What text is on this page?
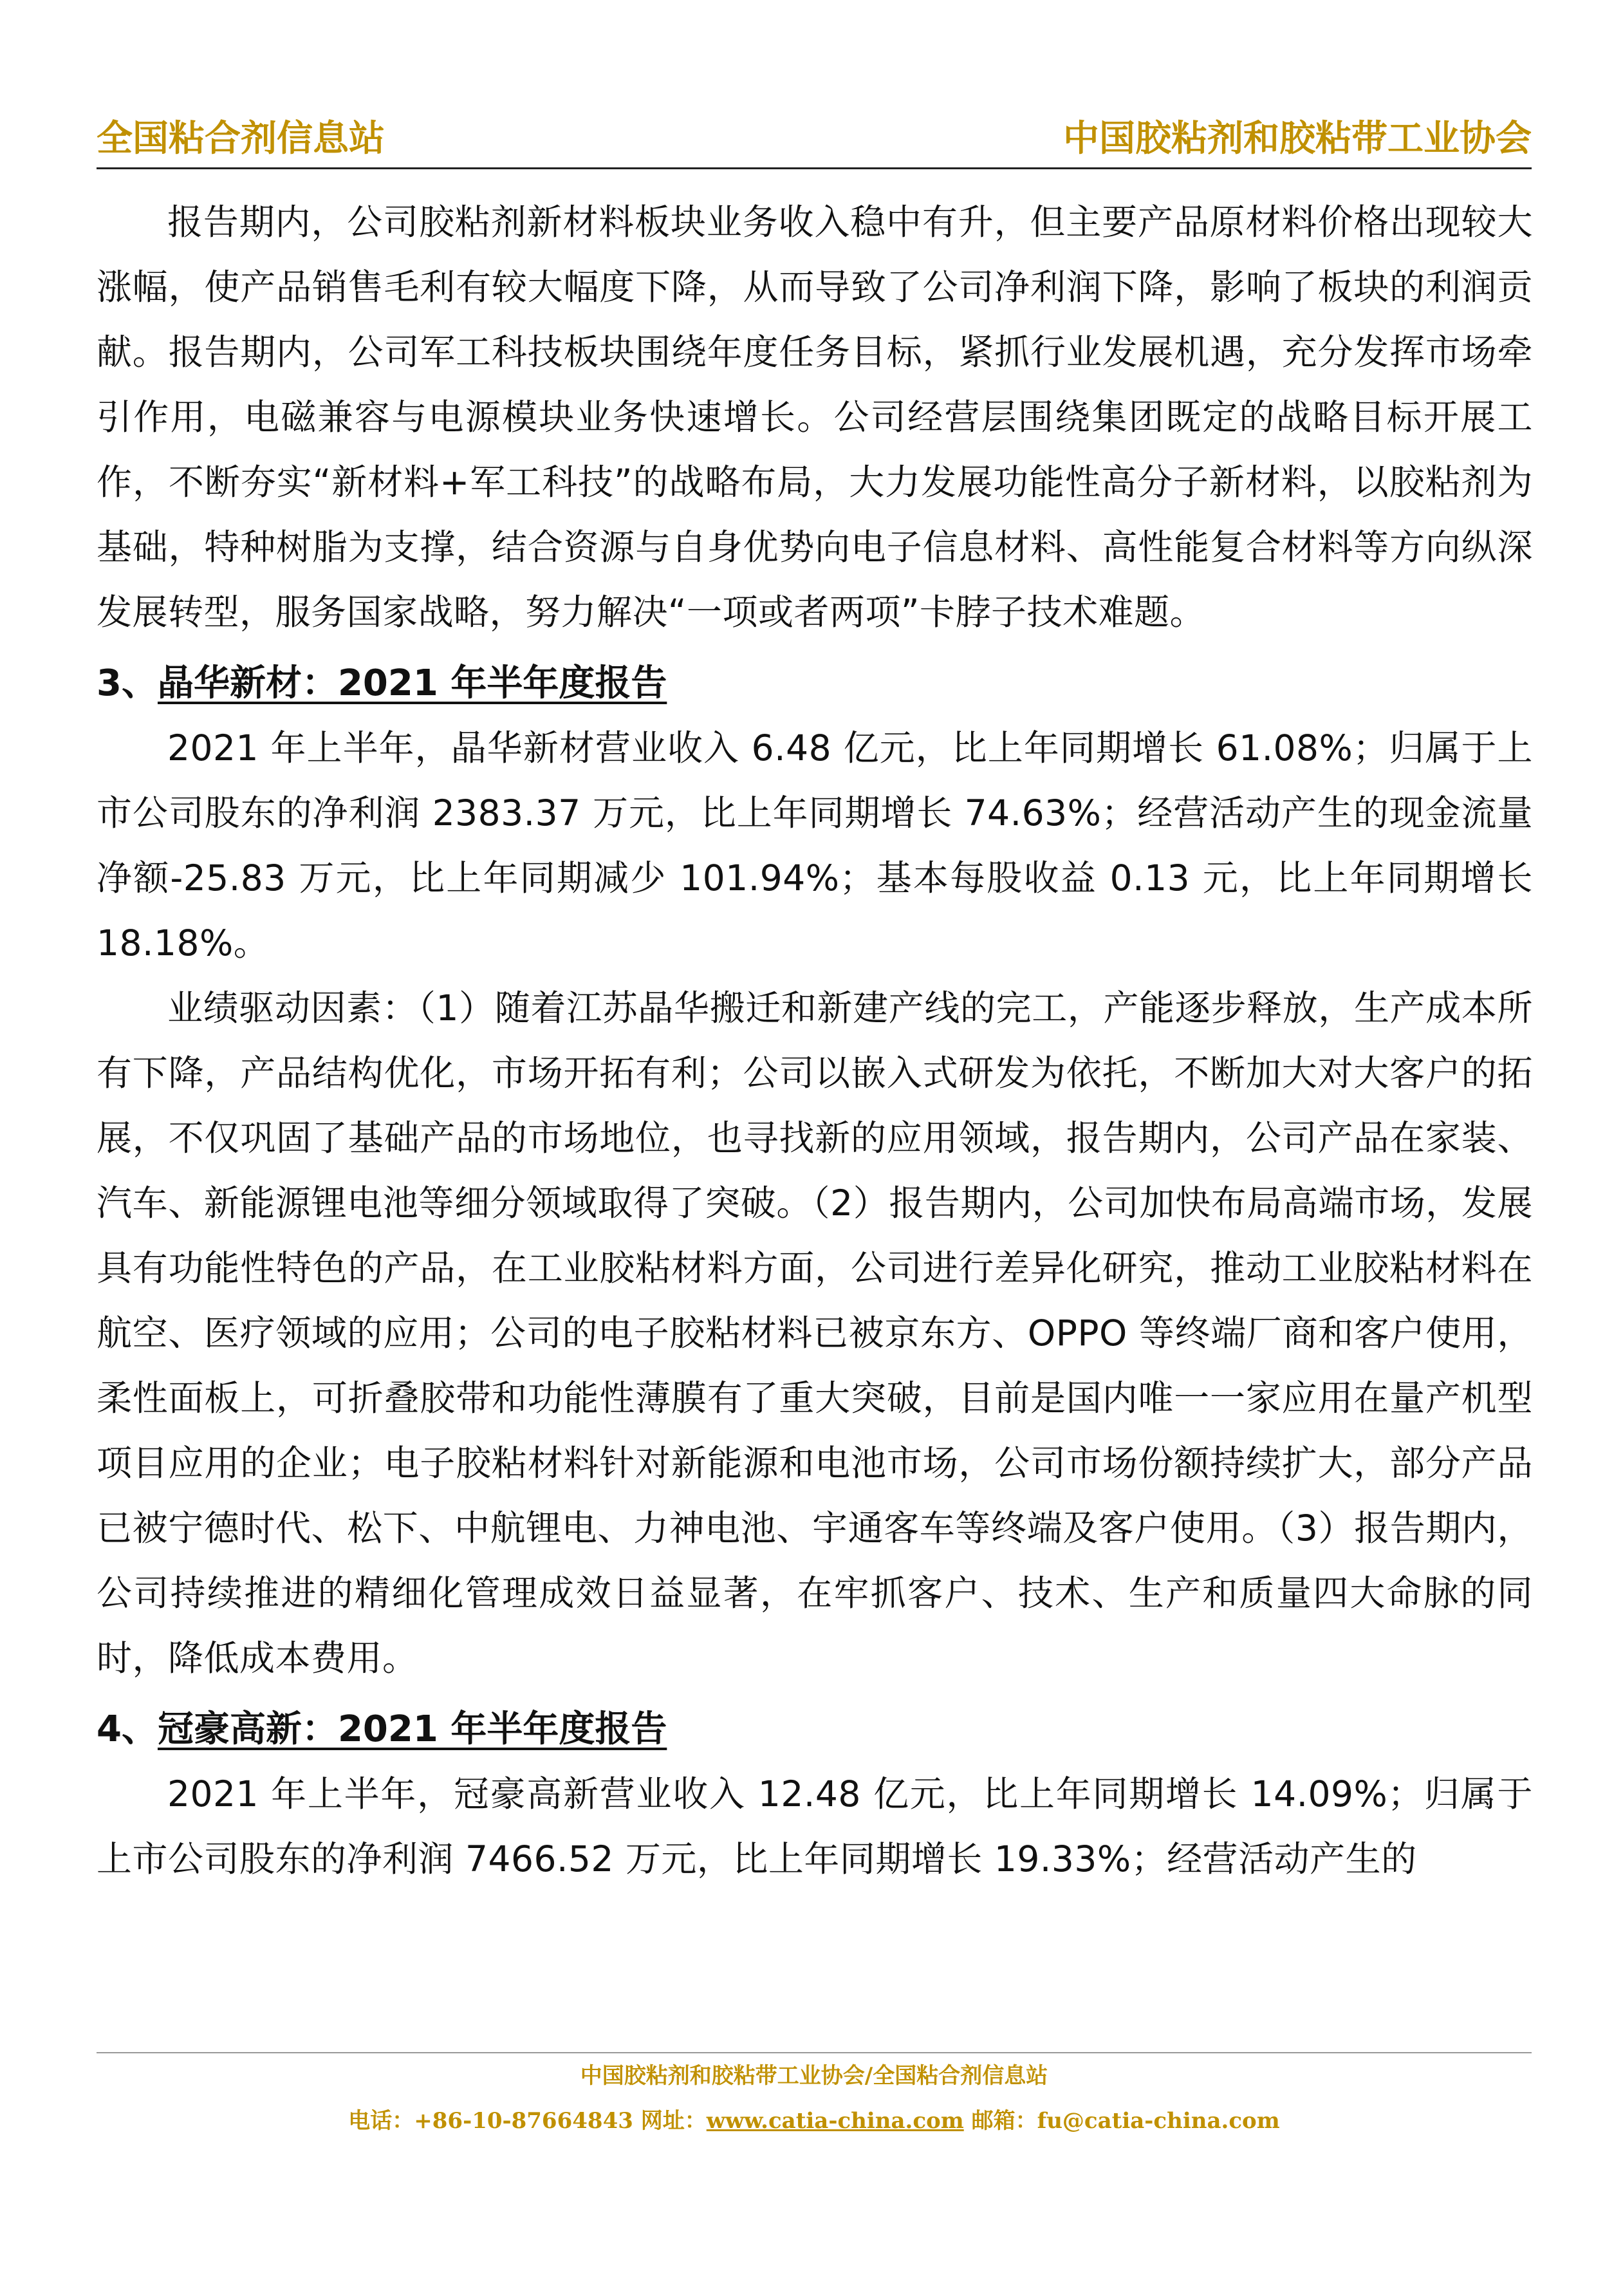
全国粘合剂信息站	中国胶粘剂和胶粘带工业协会

报告期内，公司胶粘剂新材料板块业务收入稳中有升，但主要产品原材料价格出现较大涨幅，使产品销售毛利有较大幅度下降，从而导致了公司净利润下降，影响了板块的利润贡献。报告期内，公司军工科技板块围绕年度任务目标，紧抓行业发展机遇，充分发挥市场牵引作用，电磁兼容与电源模块业务快速增长。公司经营层围绕集团既定的战略目标开展工作，不断夯实“新材料+军工科技”的战略布局，大力发展功能性高分子新材料，以胶粘剂为基础，特种树脂为支撑，结合资源与自身优势向电子信息材料、高性能复合材料等方向纵深发展转型，服务国家战略，努力解决“一项或者两项”卡脖子技术难题。

3、晶华新材：2021 年半年度报告

2021 年上半年，晶华新材营业收入 6.48 亿元，比上年同期增长 61.08%；归属于上市公司股东的净利润 2383.37 万元，比上年同期增长 74.63%；经营活动产生的现金流量净额-25.83 万元，比上年同期减少 101.94%；基本每股收益 0.13 元，比上年同期增长 18.18%。

业绩驱动因素：（1）随着江苏晶华搬迁和新建产线的完工，产能逐步释放，生产成本所有下降，产品结构优化，市场开拓有利；公司以嵌入式研发为依托，不断加大对大客户的拓展，不仅巩固了基础产品的市场地位，也寻找新的应用领域，报告期内，公司产品在家装、汽车、新能源锂电池等细分领域取得了突破。（2）报告期内，公司加快布局高端市场，发展具有功能性特色的产品，在工业胶粘材料方面，公司进行差异化研究，推动工业胶粘材料在航空、医疗领域的应用；公司的电子胶粘材料已被京东方、OPPO 等终端厂商和客户使用，柔性面板上，可折叠胶带和功能性薄膜有了重大突破，目前是国内唯一一家应用在量产机型项目应用的企业；电子胶粘材料针对新能源和电池市场，公司市场份额持续扩大，部分产品已被宁德时代、松下、中航锂电、力神电池、宇通客车等终端及客户使用。（3）报告期内，公司持续推进的精细化管理成效日益显著，在牢抓客户、技术、生产和质量四大命脉的同时，降低成本费用。

4、冠豪高新：2021 年半年度报告

2021 年上半年，冠豪高新营业收入 12.48 亿元，比上年同期增长 14.09%；归属于上市公司股东的净利润 7466.52 万元，比上年同期增长 19.33%；经营活动产生的

中国胶粘剂和胶粘带工业协会/全国粘合剂信息站
电话：+86-10-87664843 网址：www.catia-china.com 邮箱：fu@catia-china.com
